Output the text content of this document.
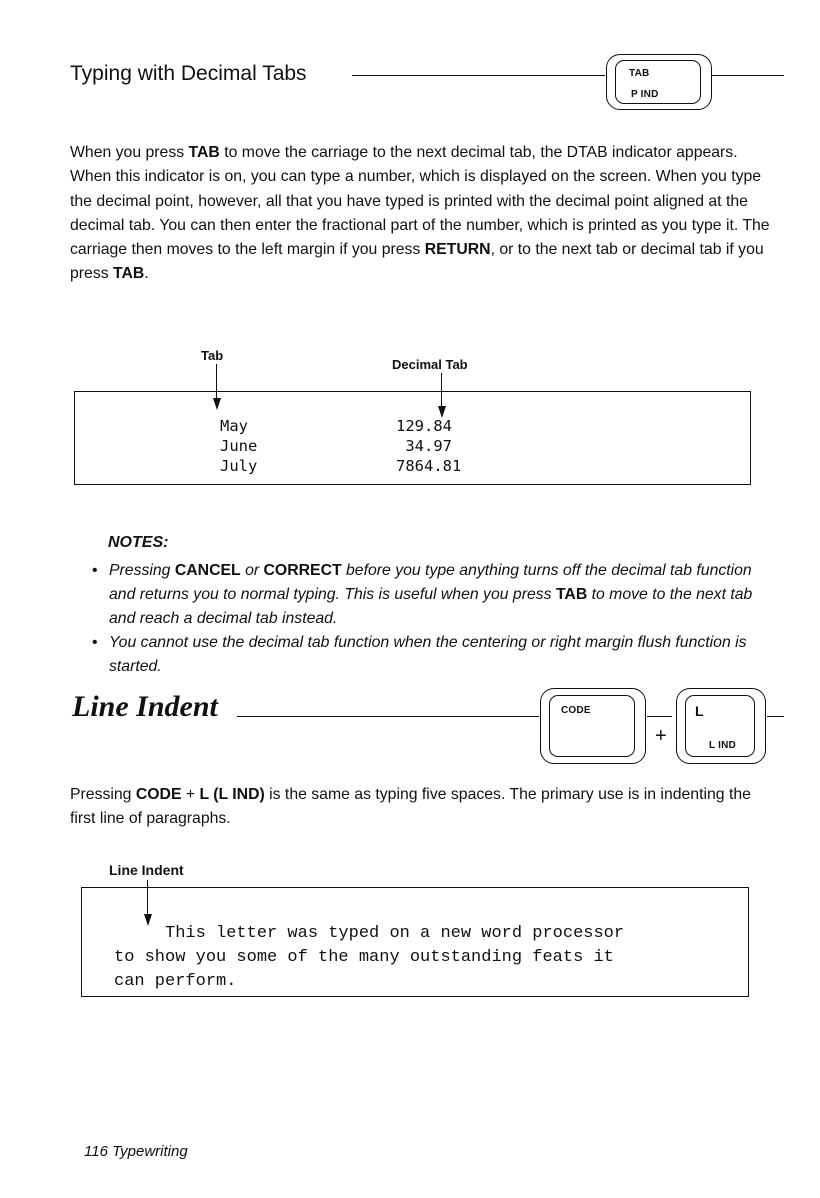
Typing with Decimal Tabs	TAB
P IND

When you press TAB to move the carriage to the next decimal tab, the DTAB indicator appears. When this indicator is on, you can type a number, which is displayed on the screen. When you type the decimal point, however, all that you have typed is printed with the decimal point aligned at the decimal tab. You can then enter the fractional part of the number, which is printed as you type it. The carriage then moves to the left margin if you press RETURN, or to the next tab or decimal tab if you press TAB.

Tab
Decimal Tab
May
June
July
129.84
34.97
7864.81
NOTES:
• Pressing CANCEL or CORRECT before you type anything turns off the decimal tab function and returns you to normal typing. This is useful when you press TAB to move to the next tab and reach a decimal tab instead.
• You cannot use the decimal tab function when the centering or right margin flush function is started.
Line Indent	CODE
+
L
L IND

Pressing CODE + L (L IND) is the same as typing five spaces. The primary use is in indenting the first line of paragraphs.

Line Indent
This letter was typed on a new word processor
to show you some of the many outstanding feats it
can perform.
116 Typewriting
